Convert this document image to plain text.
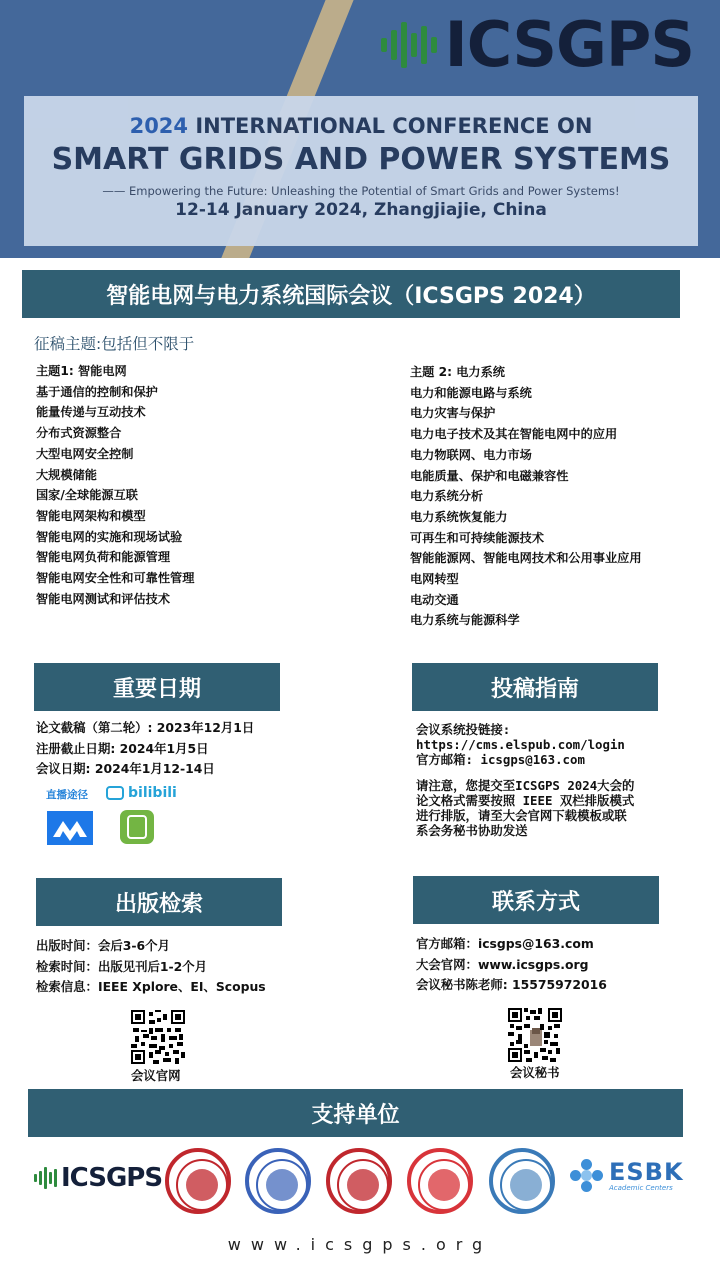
ICSGPS
2024 INTERNATIONAL CONFERENCE ON
SMART GRIDS AND POWER SYSTEMS
—— Empowering the Future: Unleashing the Potential of Smart Grids and Power Systems!
12-14 January 2024, Zhangjiajie, China
智能电网与电力系统国际会议（ICSGPS 2024）
征稿主题:包括但不限于
主题1: 智能电网
基于通信的控制和保护
能量传递与互动技术
分布式资源整合
大型电网安全控制
大规模储能
国家/全球能源互联
智能电网架构和模型
智能电网的实施和现场试验
智能电网负荷和能源管理
智能电网安全性和可靠性管理
智能电网测试和评估技术
主题 2: 电力系统
电力和能源电路与系统
电力灾害与保护
电力电子技术及其在智能电网中的应用
电力物联网、电力市场
电能质量、保护和电磁兼容性
电力系统分析
电力系统恢复能力
可再生和可持续能源技术
智能能源网、智能电网技术和公用事业应用
电网转型
电动交通
电力系统与能源科学
重要日期
论文截稿（第二轮）: 2023年12月1日
注册截止日期: 2024年1月5日
会议日期: 2024年1月12-14日
直播途径	bilibili
投稿指南
会议系统投链接:
https://cms.elspub.com/login
官方邮箱: icsgps@163.com
请注意，您提交至ICSGPS 2024大会的
论文格式需要按照 IEEE 双栏排版模式
进行排版，请至大会官网下载模板或联
系会务秘书协助发送
出版检索
出版时间：会后3-6个月
检索时间：出版见刊后1-2个月
检索信息：IEEE Xplore、EI、Scopus
联系方式
官方邮箱：icsgps@163.com
大会官网：www.icsgps.org
会议秘书陈老师: 15575972016
会议官网	会议秘书
支持单位
ICSGPS	ESBK
Academic Centers
www.icsgps.org
